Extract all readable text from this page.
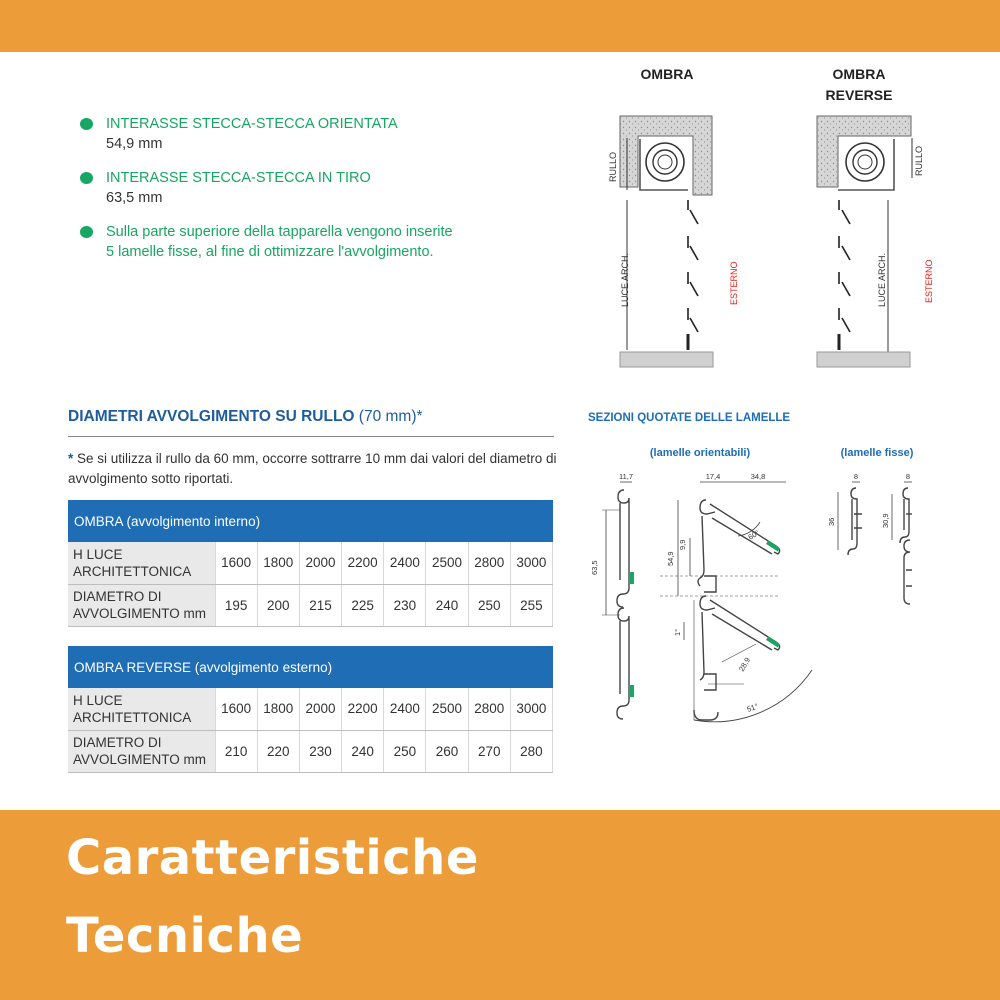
INTERASSE STECCA-STECCA ORIENTATA
54,9 mm
INTERASSE STECCA-STECCA IN TIRO
63,5 mm
Sulla parte superiore della tapparella vengono inserite 5 lamelle fisse, al fine di ottimizzare l'avvolgimento.
OMBRA
RULLO
LUCE ARCH.	ESTERNO
OMBRA
REVERSE
RULLO
LUCE ARCH.	ESTERNO
DIAMETRI AVVOLGIMENTO SU RULLO (70 mm)*
* Se si utilizza il rullo da 60 mm, occorre sottrarre 10 mm dai valori del diametro di avvolgimento sotto riportati.
OMBRA (avvolgimento interno)								
H LUCE
ARCHITETTONICA	1600	1800	2000	2200	2400	2500	2800	3000
DIAMETRO DI
AVVOLGIMENTO mm	195	200	215	225	230	240	250	255
OMBRA REVERSE (avvolgimento esterno)								
H LUCE
ARCHITETTONICA	1600	1800	2000	2200	2400	2500	2800	3000
DIAMETRO DI
AVVOLGIMENTO mm	210	220	230	240	250	260	270	280
SEZIONI QUOTATE DELLE LAMELLE
(lamelle orientabili)	(lamelle fisse)
11,7
63,5
17,4	34,8
54,9
9,9
60°
1°
28,9
51°
8
36
8
30,9
Caratteristiche
Tecniche
